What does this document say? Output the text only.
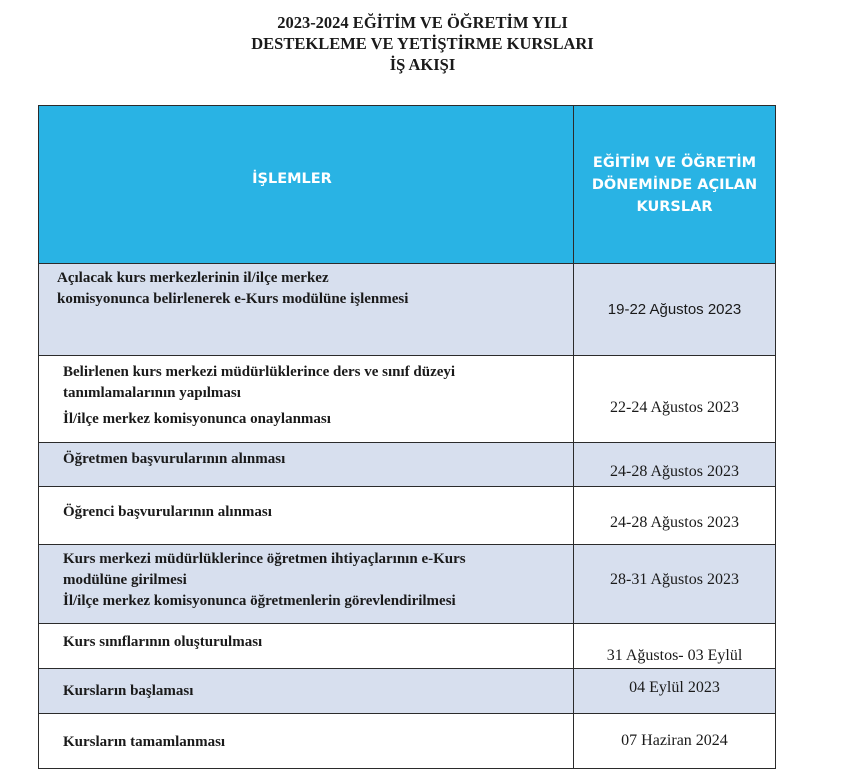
2023-2024 EĞİTİM VE ÖĞRETİM YILI
DESTEKLEME VE YETİŞTİRME KURSLARI
İŞ AKIŞI
İŞLEMLER	EĞİTİM VE ÖĞRETİM DÖNEMİNDE AÇILAN KURSLAR

Açılacak kurs merkezlerinin il/ilçe merkez
komisyonunca belirlenerek e-Kurs modülüne işlenmesi	19-22 Ağustos 2023

Belirlenen kurs merkezi müdürlüklerince ders ve sınıf düzeyi
tanımlamalarının yapılması
İl/ilçe merkez komisyonunca onaylanması	22-24 Ağustos 2023

Öğretmen başvurularının alınması	24-28 Ağustos 2023

Öğrenci başvurularının alınması	24-28 Ağustos 2023

Kurs merkezi müdürlüklerince öğretmen ihtiyaçlarının e-Kurs
modülüne girilmesi
İl/ilçe merkez komisyonunca öğretmenlerin görevlendirilmesi	28-31 Ağustos 2023

Kurs sınıflarının oluşturulması	31 Ağustos- 03 Eylül

Kursların başlaması	04 Eylül 2023

Kursların tamamlanması	07 Haziran 2024
